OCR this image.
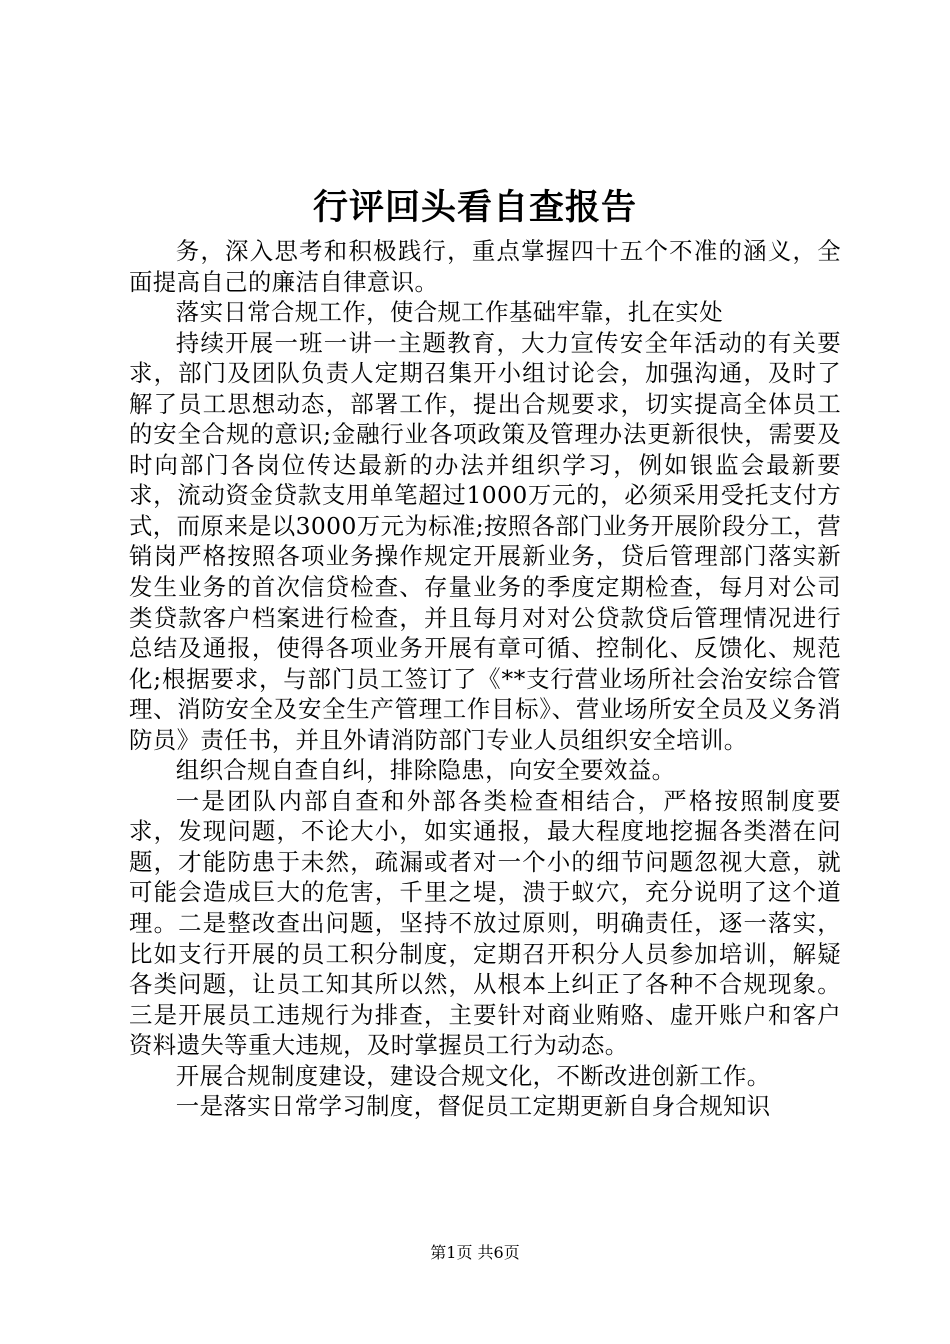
行评回头看自查报告

务，深入思考和积极践行，重点掌握四十五个不准的涵义，全面提高自己的廉洁自律意识。

落实日常合规工作，使合规工作基础牢靠，扎在实处

持续开展一班一讲一主题教育，大力宣传安全年活动的有关要求，部门及团队负责人定期召集开小组讨论会，加强沟通，及时了解了员工思想动态，部署工作，提出合规要求，切实提高全体员工的安全合规的意识;金融行业各项政策及管理办法更新很快，需要及时向部门各岗位传达最新的办法并组织学习，例如银监会最新要求，流动资金贷款支用单笔超过1000万元的，必须采用受托支付方式，而原来是以3000万元为标准;按照各部门业务开展阶段分工，营销岗严格按照各项业务操作规定开展新业务，贷后管理部门落实新发生业务的首次信贷检查、存量业务的季度定期检查，每月对公司类贷款客户档案进行检查，并且每月对对公贷款贷后管理情况进行总结及通报，使得各项业务开展有章可循、控制化、反馈化、规范化;根据要求，与部门员工签订了《**支行营业场所社会治安综合管理、消防安全及安全生产管理工作目标》、营业场所安全员及义务消防员》责任书，并且外请消防部门专业人员组织安全培训。

组织合规自查自纠，排除隐患，向安全要效益。

一是团队内部自查和外部各类检查相结合，严格按照制度要求，发现问题，不论大小，如实通报，最大程度地挖掘各类潜在问题，才能防患于未然，疏漏或者对一个小的细节问题忽视大意，就可能会造成巨大的危害，千里之堤，溃于蚁穴，充分说明了这个道理。二是整改查出问题，坚持不放过原则，明确责任，逐一落实，比如支行开展的员工积分制度，定期召开积分人员参加培训，解疑各类问题，让员工知其所以然，从根本上纠正了各种不合规现象。三是开展员工违规行为排查，主要针对商业贿赂、虚开账户和客户资料遗失等重大违规，及时掌握员工行为动态。

开展合规制度建设，建设合规文化，不断改进创新工作。

一是落实日常学习制度，督促员工定期更新自身合规知识

第1页 共6页
